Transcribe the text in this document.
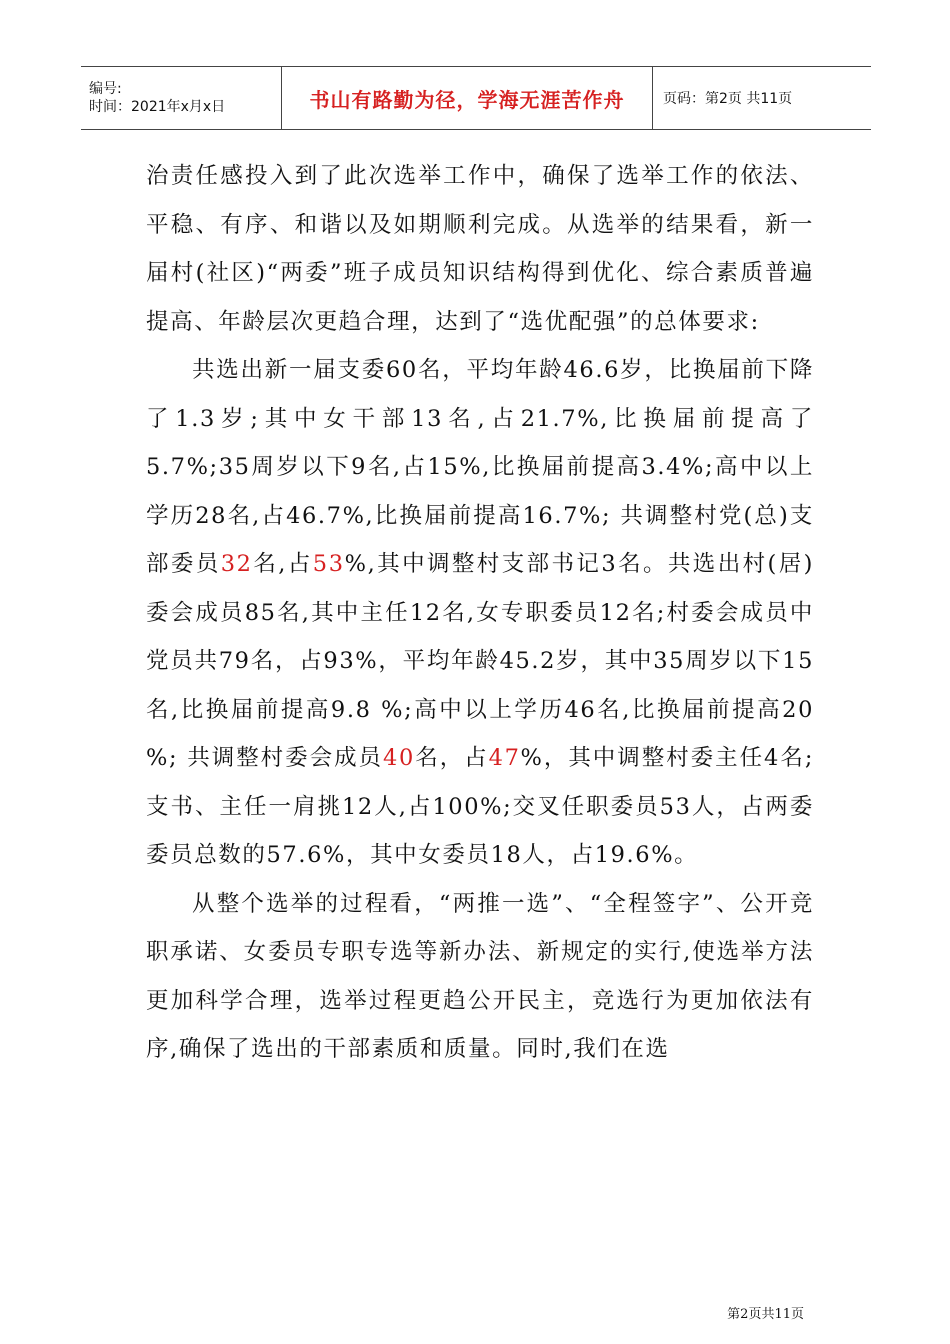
编号:
时间：2021年x月x日	书山有路勤为径，学海无涯苦作舟	页码：第2页 共11页

治责任感投入到了此次选举工作中，确保了选举工作的依法、平稳、有序、和谐以及如期顺利完成。从选举的结果看，新一届村(社区)“两委”班子成员知识结构得到优化、综合素质普遍提高、年龄层次更趋合理，达到了“选优配强”的总体要求:

共选出新一届支委60名，平均年龄46.6岁，比换届前下降了1.3岁;其中女干部13名,占21.7%,比换届前提高了5.7%;35周岁以下9名,占15%,比换届前提高3.4%;高中以上学历28名,占46.7%,比换届前提高16.7%; 共调整村党(总)支部委员32名,占53%,其中调整村支部书记3名。共选出村(居)委会成员85名,其中主任12名,女专职委员12名;村委会成员中党员共79名，占93%，平均年龄45.2岁，其中35周岁以下15名,比换届前提高9.8 %;高中以上学历46名,比换届前提高20 %; 共调整村委会成员40名，占47%，其中调整村委主任4名; 支书、主任一肩挑12人,占100%;交叉任职委员53人，占两委委员总数的57.6%，其中女委员18人，占19.6%。

从整个选举的过程看，“两推一选”、“全程签字”、公开竞职承诺、女委员专职专选等新办法、新规定的实行,使选举方法更加科学合理，选举过程更趋公开民主，竞选行为更加依法有序,确保了选出的干部素质和质量。同时,我们在选

第2页共11页
